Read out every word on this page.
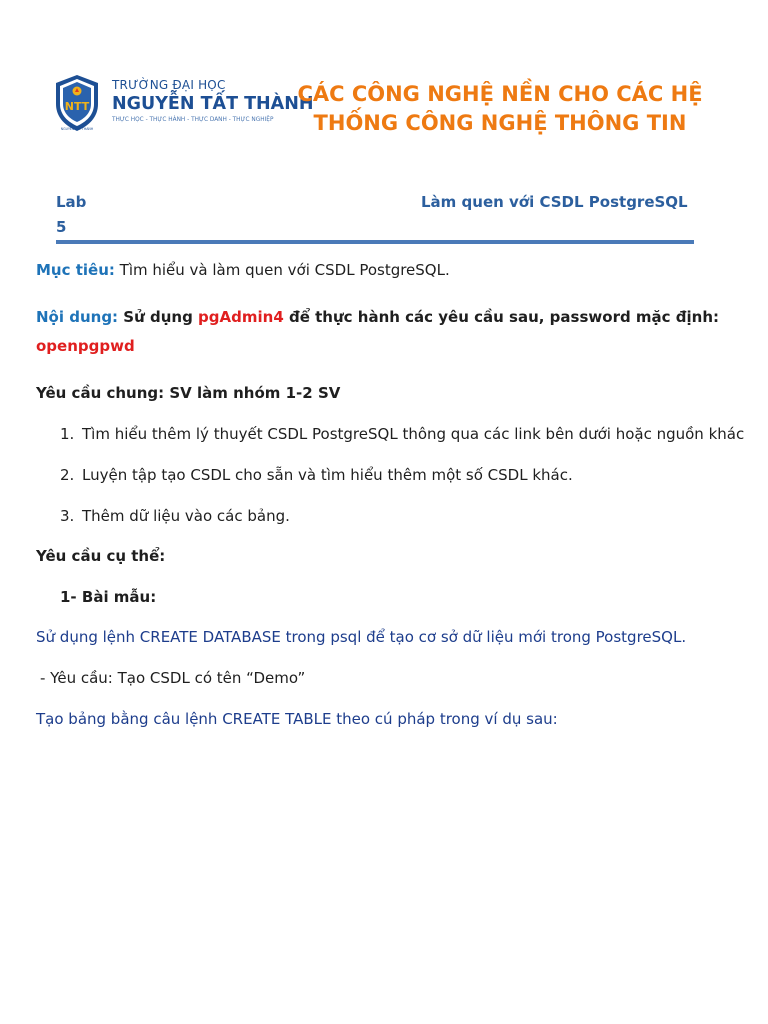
NTT
NGUYEN TAT THANH
TRƯỜNG ĐẠI HỌC
NGUYỄN TẤT THÀNH
THỰC HỌC - THỰC HÀNH - THỰC DANH - THỰC NGHIỆP
CÁC CÔNG NGHỆ NỀN CHO CÁC HỆ
THỐNG CÔNG NGHỆ THÔNG TIN
Lab
5
Làm quen với CSDL PostgreSQL
Mục tiêu: Tìm hiểu và làm quen với CSDL PostgreSQL.
Nội dung: Sử dụng pgAdmin4 để thực hành các yêu cầu sau, password mặc định:
openpgpwd
Yêu cầu chung: SV làm nhóm 1-2 SV
1. Tìm hiểu thêm lý thuyết CSDL PostgreSQL thông qua các link bên dưới hoặc nguồn khác
2. Luyện tập tạo CSDL cho sẵn và tìm hiểu thêm một số CSDL khác.
3. Thêm dữ liệu vào các bảng.
Yêu cầu cụ thể:
1- Bài mẫu:
Sử dụng lệnh CREATE DATABASE trong psql để tạo cơ sở dữ liệu mới trong PostgreSQL.
- Yêu cầu: Tạo CSDL có tên “Demo”
Tạo bảng bằng câu lệnh CREATE TABLE theo cú pháp trong ví dụ sau:
